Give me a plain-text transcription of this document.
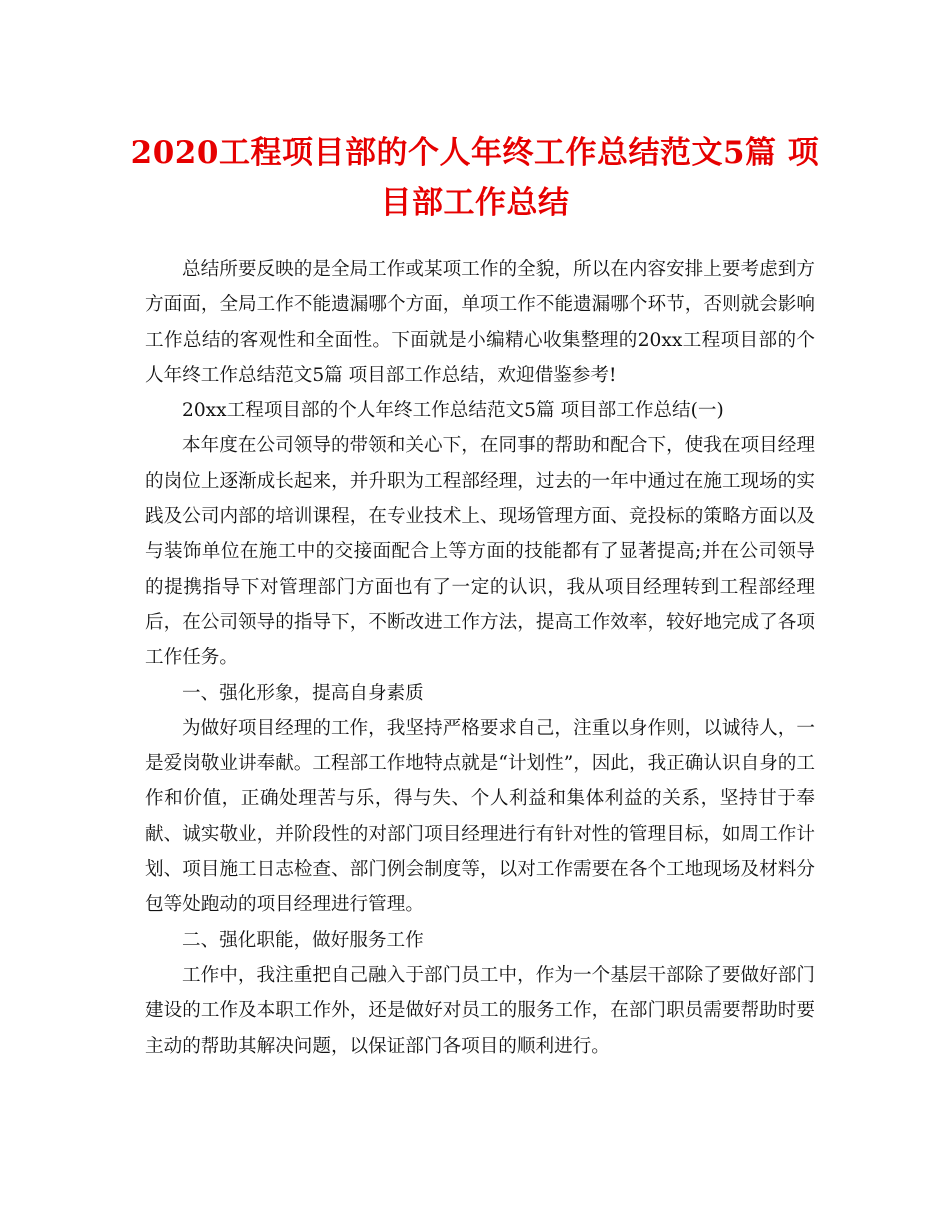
2020工程项目部的个人年终工作总结范文5篇 项目部工作总结

总结所要反映的是全局工作或某项工作的全貌，所以在内容安排上要考虑到方方面面，全局工作不能遗漏哪个方面，单项工作不能遗漏哪个环节，否则就会影响工作总结的客观性和全面性。下面就是小编精心收集整理的20xx工程项目部的个人年终工作总结范文5篇 项目部工作总结，欢迎借鉴参考!

20xx工程项目部的个人年终工作总结范文5篇 项目部工作总结(一)

本年度在公司领导的带领和关心下，在同事的帮助和配合下，使我在项目经理的岗位上逐渐成长起来，并升职为工程部经理，过去的一年中通过在施工现场的实践及公司内部的培训课程，在专业技术上、现场管理方面、竞投标的策略方面以及与装饰单位在施工中的交接面配合上等方面的技能都有了显著提高;并在公司领导的提携指导下对管理部门方面也有了一定的认识，我从项目经理转到工程部经理后，在公司领导的指导下，不断改进工作方法，提高工作效率，较好地完成了各项工作任务。

一、强化形象，提高自身素质

为做好项目经理的工作，我坚持严格要求自己，注重以身作则，以诚待人，一是爱岗敬业讲奉献。工程部工作地特点就是“计划性”，因此，我正确认识自身的工作和价值，正确处理苦与乐，得与失、个人利益和集体利益的关系，坚持甘于奉献、诚实敬业，并阶段性的对部门项目经理进行有针对性的管理目标，如周工作计划、项目施工日志检查、部门例会制度等，以对工作需要在各个工地现场及材料分包等处跑动的项目经理进行管理。

二、强化职能，做好服务工作

工作中，我注重把自己融入于部门员工中，作为一个基层干部除了要做好部门建设的工作及本职工作外，还是做好对员工的服务工作，在部门职员需要帮助时要主动的帮助其解决问题，以保证部门各项目的顺利进行。
